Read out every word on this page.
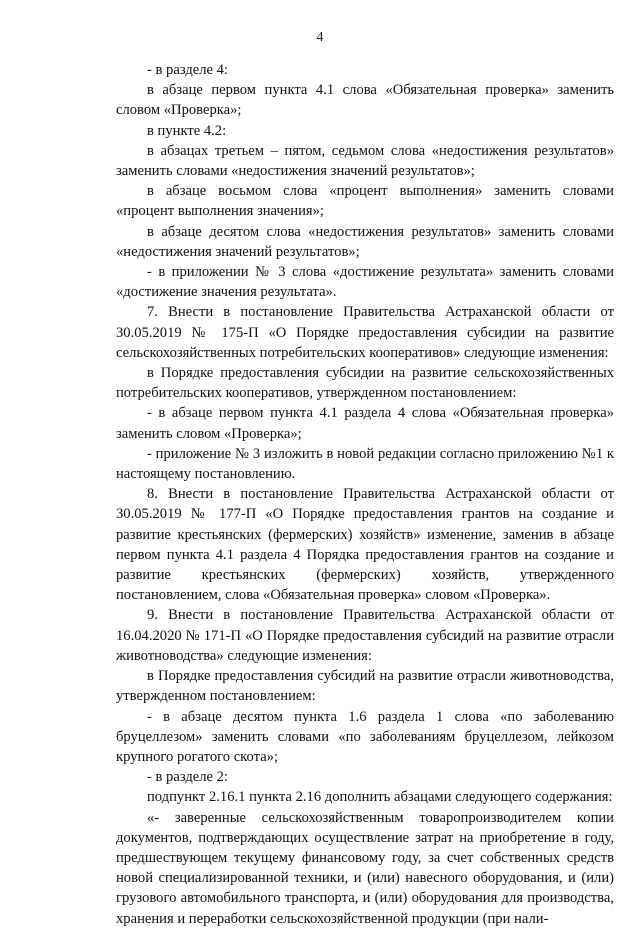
4

- в разделе 4:

в абзаце первом пункта 4.1 слова «Обязательная проверка» заменить словом «Проверка»;

в пункте 4.2:

в абзацах третьем – пятом, седьмом слова «недостижения результатов» заменить словами «недостижения значений результатов»;

в абзаце восьмом слова «процент выполнения» заменить словами «процент выполнения значения»;

в абзаце десятом слова «недостижения результатов» заменить словами «недостижения значений результатов»;

- в приложении № 3 слова «достижение результата» заменить словами «достижение значения результата».

7. Внести в постановление Правительства Астраханской области от 30.05.2019 № 175-П «О Порядке предоставления субсидии на развитие сельскохозяйственных потребительских кооперативов» следующие изменения:

в Порядке предоставления субсидии на развитие сельскохозяйственных потребительских кооперативов, утвержденном постановлением:

- в абзаце первом пункта 4.1 раздела 4 слова «Обязательная проверка» заменить словом «Проверка»;

- приложение № 3 изложить в новой редакции согласно приложению №1 к настоящему постановлению.

8. Внести в постановление Правительства Астраханской области от 30.05.2019 № 177-П «О Порядке предоставления грантов на создание и развитие крестьянских (фермерских) хозяйств» изменение, заменив в абзаце первом пункта 4.1 раздела 4 Порядка предоставления грантов на создание и развитие крестьянских (фермерских) хозяйств, утвержденного постановлением, слова «Обязательная проверка» словом «Проверка».

9. Внести в постановление Правительства Астраханской области от 16.04.2020 № 171-П «О Порядке предоставления субсидий на развитие отрасли животноводства» следующие изменения:

в Порядке предоставления субсидий на развитие отрасли животноводства, утвержденном постановлением:

- в абзаце десятом пункта 1.6 раздела 1 слова «по заболеванию бруцеллезом» заменить словами «по заболеваниям бруцеллезом, лейкозом крупного рогатого скота»;

- в разделе 2:

подпункт 2.16.1 пункта 2.16 дополнить абзацами следующего содержания:

«- заверенные сельскохозяйственным товаропроизводителем копии документов, подтверждающих осуществление затрат на приобретение в году, предшествующем текущему финансовому году, за счет собственных средств новой специализированной техники, и (или) навесного оборудования, и (или) грузового автомобильного транспорта, и (или) оборудования для производства, хранения и переработки сельскохозяйственной продукции (при нали-
